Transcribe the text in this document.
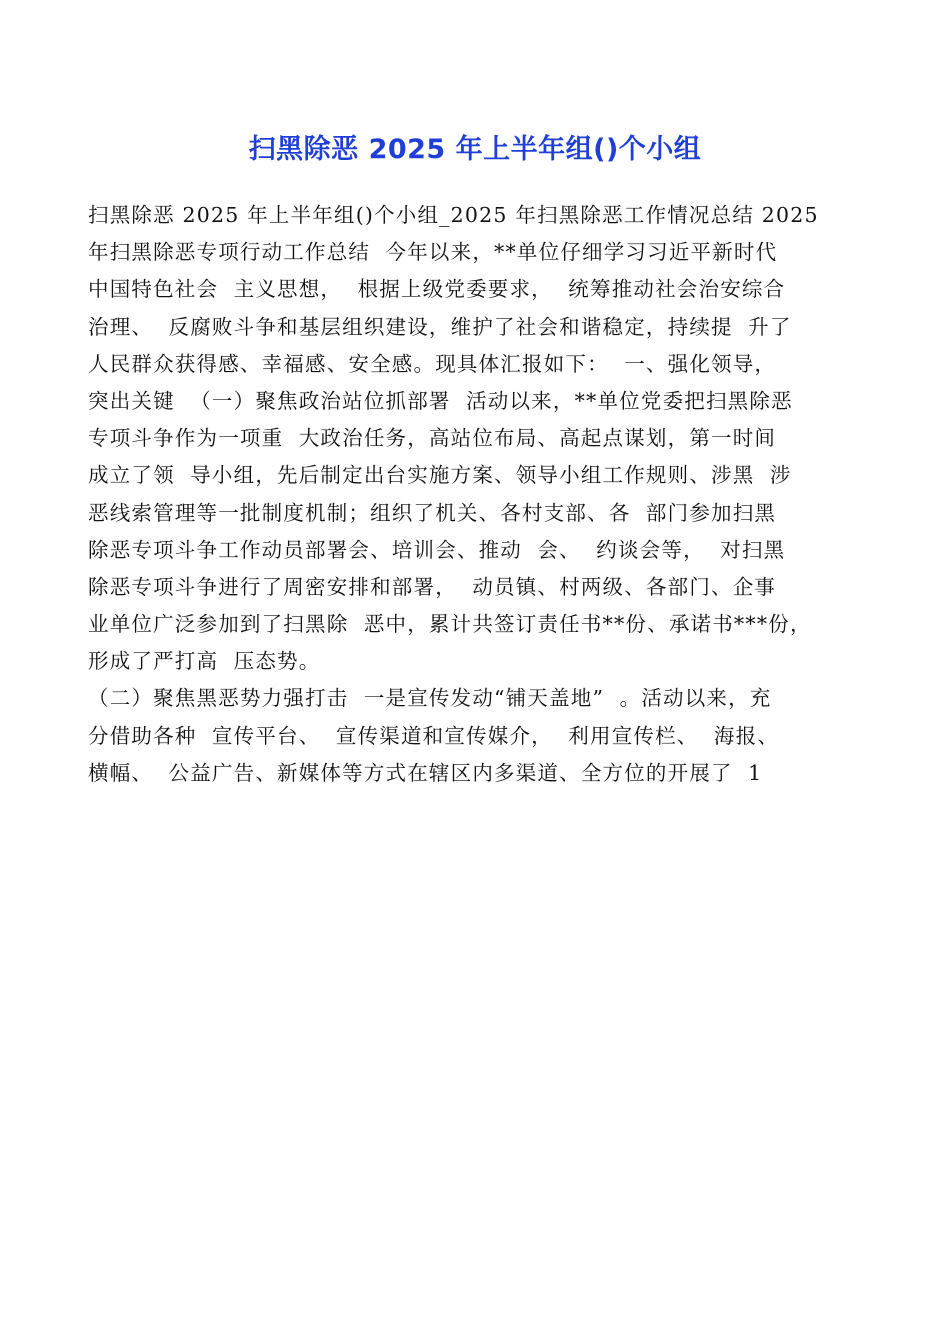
扫黑除恶 2025 年上半年组()个小组
扫黑除恶 2025 年上半年组()个小组_2025 年扫黑除恶工作情况总结 2025
年扫黑除恶专项行动工作总结  今年以来，**单位仔细学习习近平新时代
中国特色社会  主义思想，  根据上级党委要求，  统筹推动社会治安综合
治理、  反腐败斗争和基层组织建设，维护了社会和谐稳定，持续提  升了
人民群众获得感、幸福感、安全感。现具体汇报如下：  一、强化领导，
突出关键  （一）聚焦政治站位抓部署  活动以来，**单位党委把扫黑除恶
专项斗争作为一项重  大政治任务，高站位布局、高起点谋划，第一时间
成立了领  导小组，先后制定出台实施方案、领导小组工作规则、涉黑  涉
恶线索管理等一批制度机制；组织了机关、各村支部、各  部门参加扫黑
除恶专项斗争工作动员部署会、培训会、推动  会、  约谈会等，  对扫黑
除恶专项斗争进行了周密安排和部署，  动员镇、村两级、各部门、企事
业单位广泛参加到了扫黑除  恶中，累计共签订责任书**份、承诺书***份，
形成了严打高  压态势。
（二）聚焦黑恶势力强打击  一是宣传发动“铺天盖地”  。活动以来，充
分借助各种  宣传平台、  宣传渠道和宣传媒介，  利用宣传栏、  海报、
横幅、  公益广告、新媒体等方式在辖区内多渠道、全方位的开展了  1
